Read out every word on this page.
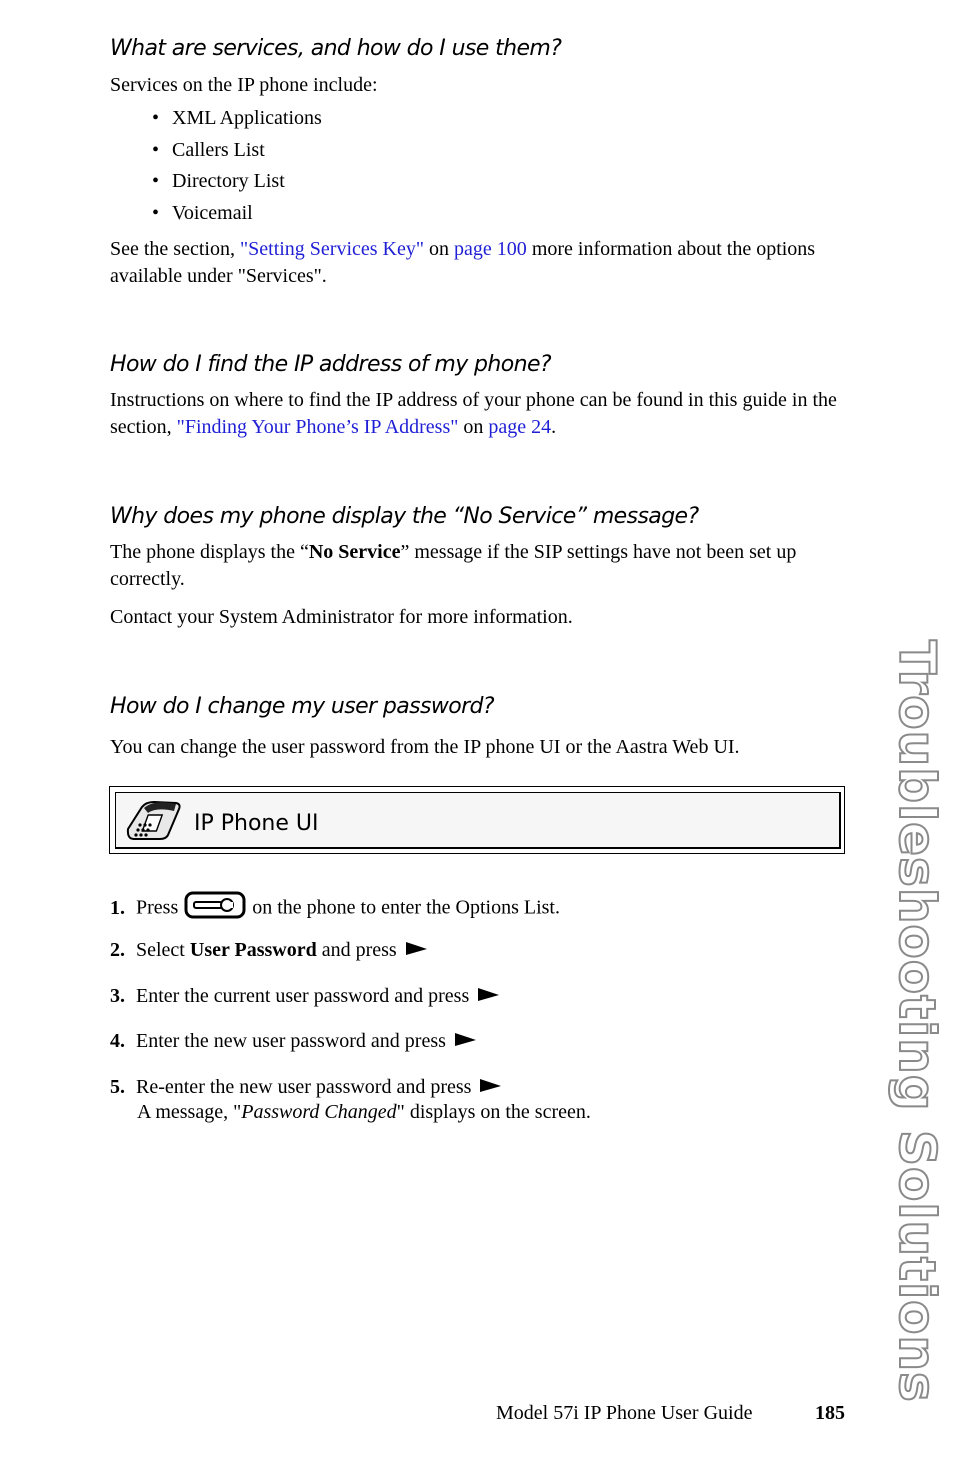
Troubleshooting Solutions
What are services, and how do I use them?

Services on the IP phone include:

• XML Applications
• Callers List
• Directory List
• Voicemail

See the section, "Setting Services Key" on page 100 more information about the options available under "Services".

How do I find the IP address of my phone?

Instructions on where to find the IP address of your phone can be found in this guide in the section, "Finding Your Phone’s IP Address" on page 24.

Why does my phone display the “No Service” message?

The phone displays the “No Service” message if the SIP settings have not been set up correctly.

Contact your System Administrator for more information.

How do I change my user password?

You can change the user password from the IP phone UI or the Aastra Web UI.

IP Phone UI

1. Press	on the phone to enter the Options List.

2. Select User Password and press

3. Enter the current user password and press

4. Enter the new user password and press

5. Re-enter the new user password and press

A message, "Password Changed" displays on the screen.

Model 57i IP Phone User Guide	185
